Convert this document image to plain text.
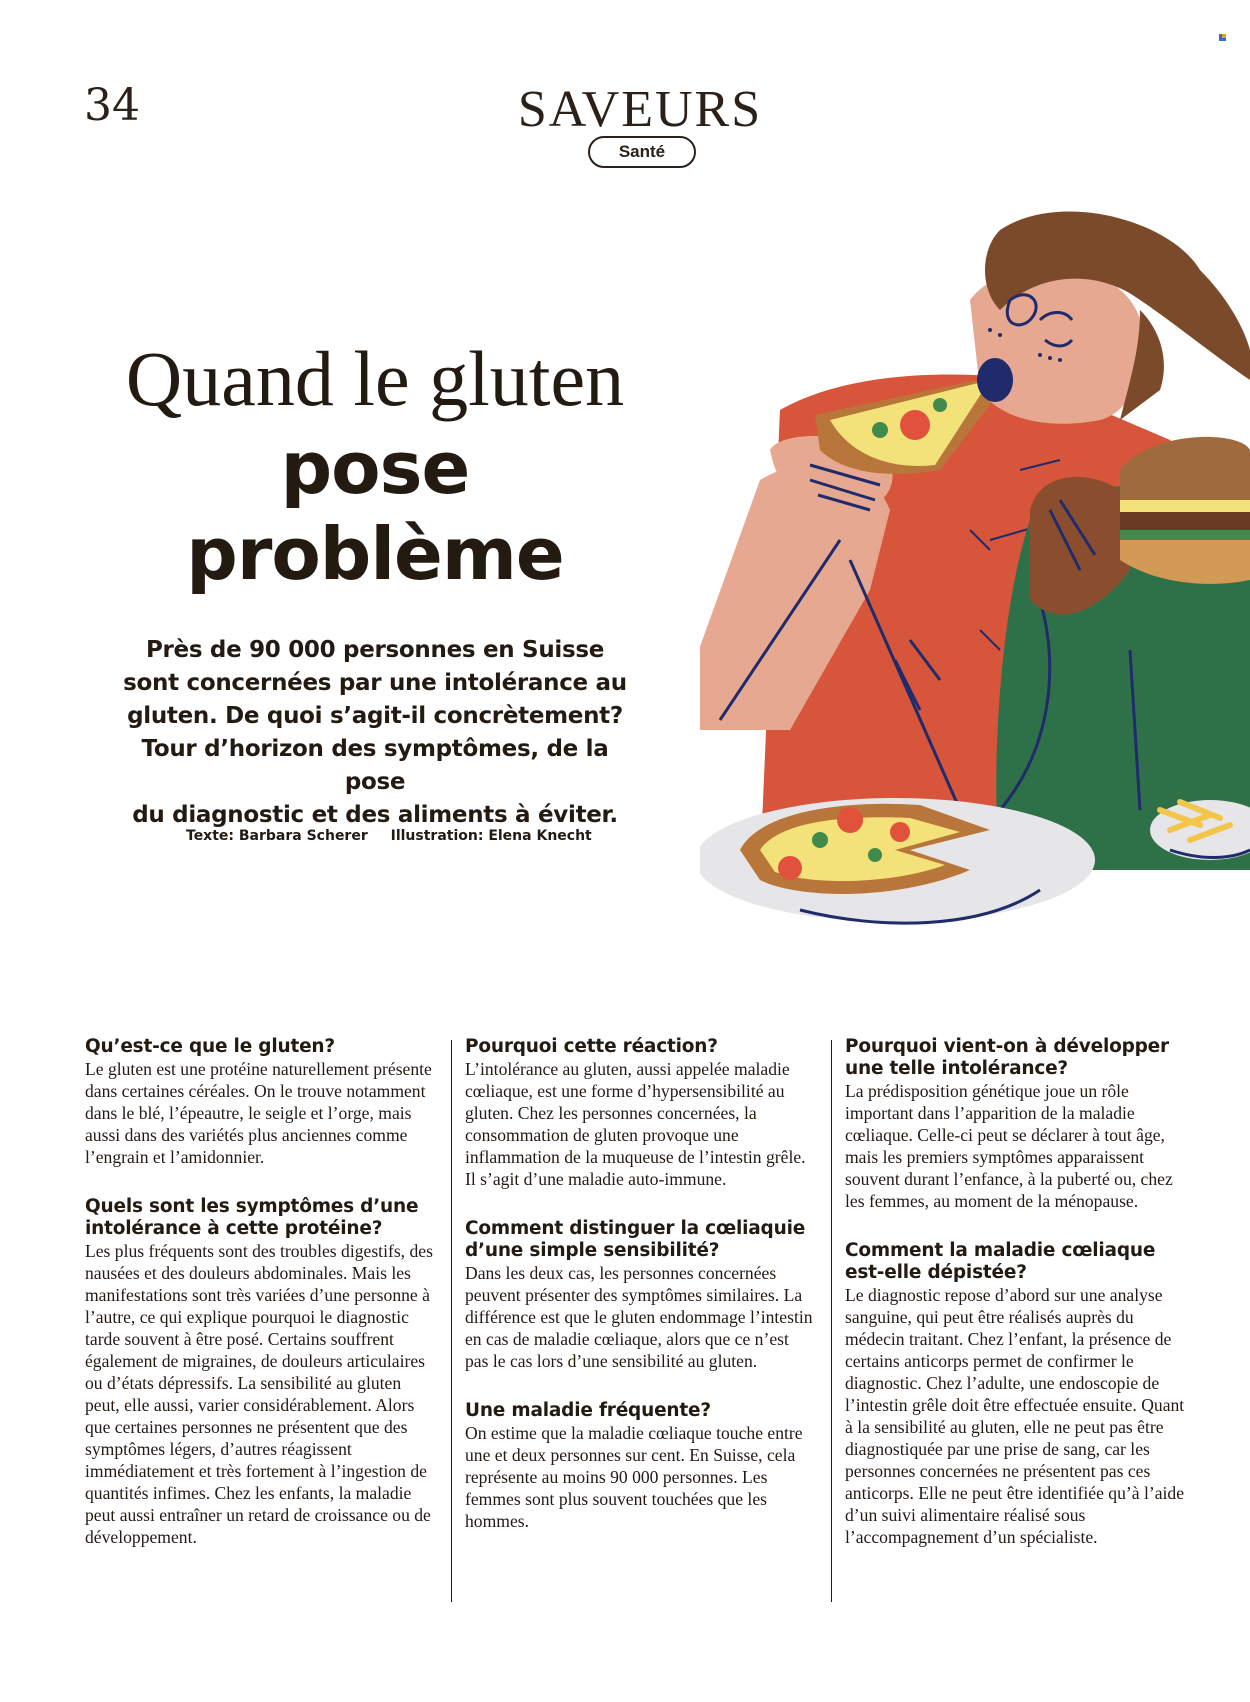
34	SAVEURS
Santé
Quand le gluten
pose
problème

Près de 90 000 personnes en Suisse

sont concernées par une intolérance au

gluten. De quoi s’agit-il concrètement?

Tour d’horizon des symptômes, de la pose

du diagnostic et des aliments à éviter.

Texte: Barbara Scherer Illustration: Elena Knecht
Qu’est-ce que le gluten?

Le gluten est une protéine naturellement présente dans certaines céréales. On le trouve notamment dans le blé, l’épeautre, le seigle et l’orge, mais aussi dans des variétés plus anciennes comme l’engrain et l’amidonnier.

Quels sont les symptômes d’une intolérance à cette protéine?

Les plus fréquents sont des troubles digestifs, des nausées et des douleurs abdominales. Mais les manifestations sont très variées d’une personne à l’autre, ce qui explique pourquoi le diagnostic tarde souvent à être posé. Certains souffrent également de migraines, de douleurs articulaires ou d’états dépressifs. La sensibilité au gluten peut, elle aussi, varier considérablement. Alors que certaines personnes ne présentent que des symptômes légers, d’autres réagissent immédiatement et très fortement à l’ingestion de quantités infimes. Chez les enfants, la maladie peut aussi entraîner un retard de croissance ou de développement.

Pourquoi cette réaction?

L’intolérance au gluten, aussi appelée maladie cœliaque, est une forme d’hypersensibilité au gluten. Chez les personnes concernées, la consommation de gluten provoque une inflammation de la muqueuse de l’intestin grêle. Il s’agit d’une maladie auto-immune.

Comment distinguer la cœliaquie d’une simple sensibilité?

Dans les deux cas, les personnes concernées peuvent présenter des symptômes similaires. La différence est que le gluten endommage l’intestin en cas de maladie cœliaque, alors que ce n’est pas le cas lors d’une sensibilité au gluten.

Une maladie fréquente?

On estime que la maladie cœliaque touche entre une et deux personnes sur cent. En Suisse, cela représente au moins 90 000 personnes. Les femmes sont plus souvent touchées que les hommes.

Pourquoi vient-on à développer une telle intolérance?

La prédisposition génétique joue un rôle important dans l’apparition de la maladie cœliaque. Celle-ci peut se déclarer à tout âge, mais les premiers symptômes apparaissent souvent durant l’enfance, à la puberté ou, chez les femmes, au moment de la ménopause.

Comment la maladie cœliaque est-elle dépistée?

Le diagnostic repose d’abord sur une analyse sanguine, qui peut être réalisés auprès du médecin traitant. Chez l’enfant, la présence de certains anticorps permet de confirmer le diagnostic. Chez l’adulte, une endoscopie de l’intestin grêle doit être effectuée ensuite. Quant à la sensibilité au gluten, elle ne peut pas être diagnostiquée par une prise de sang, car les personnes concernées ne présentent pas ces anticorps. Elle ne peut être identifiée qu’à l’aide d’un suivi alimentaire réalisé sous l’accompagnement d’un spécialiste.
